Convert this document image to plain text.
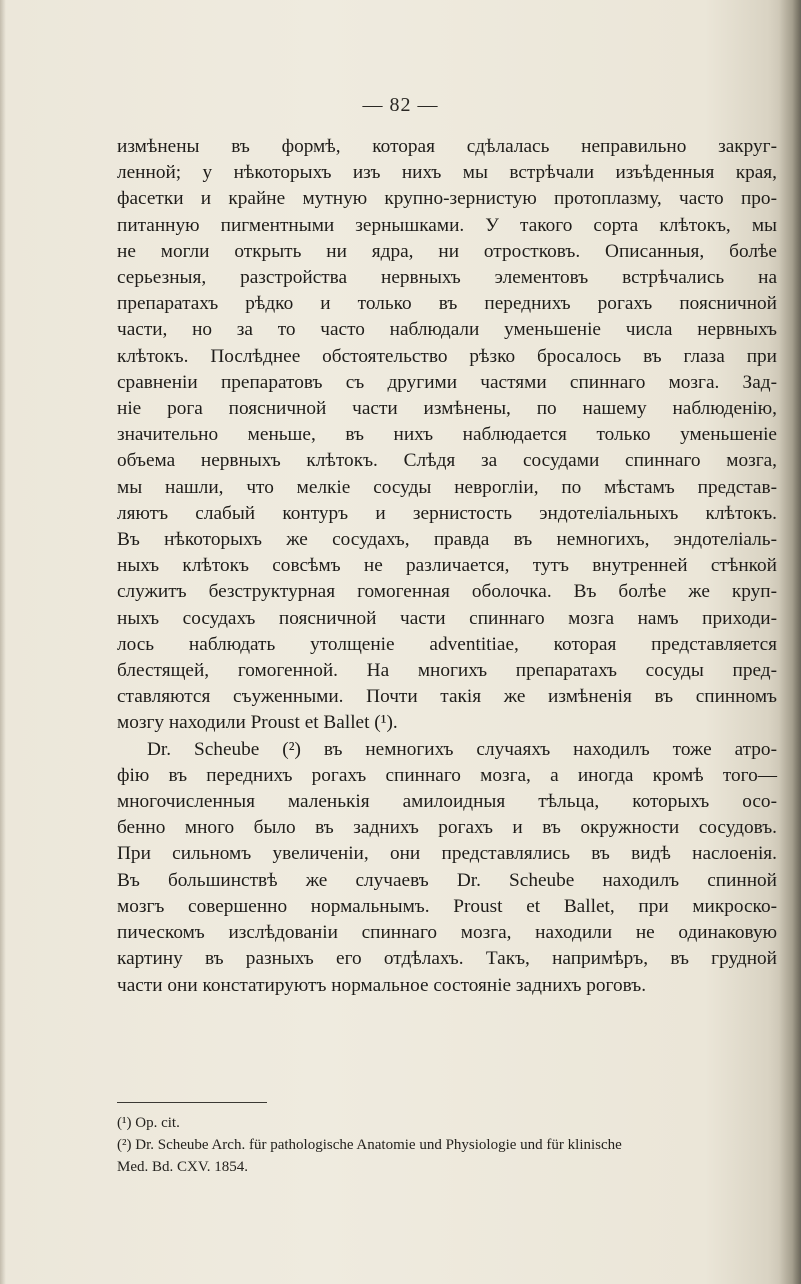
— 82 —
измѣнены въ формѣ, которая сдѣлалась неправильно закруг-
ленной; у нѣкоторыхъ изъ нихъ мы встрѣчали изъѣденныя края,
фасетки и крайне мутную крупно-зернистую протоплазму, часто про-
питанную пигментными зернышками. У такого сорта клѣтокъ, мы
не могли открыть ни ядра, ни отростковъ. Описанныя, болѣе
серьезныя, разстройства нервныхъ элементовъ встрѣчались на
препаратахъ рѣдко и только въ переднихъ рогахъ поясничной
части, но за то часто наблюдали уменьшеніе числа нервныхъ
клѣтокъ. Послѣднее обстоятельство рѣзко бросалось въ глаза при
сравненіи препаратовъ съ другими частями спиннаго мозга. Зад-
ніе рога поясничной части измѣнены, по нашему наблюденію,
значительно меньше, въ нихъ наблюдается только уменьшеніе
объема нервныхъ клѣтокъ. Слѣдя за сосудами спиннаго мозга,
мы нашли, что мелкіе сосуды невроглiи, по мѣстамъ представ-
ляютъ слабый контуръ и зернистость эндотеліальныхъ клѣтокъ.
Въ нѣкоторыхъ же сосудахъ, правда въ немногихъ, эндотеліаль-
ныхъ клѣтокъ совсѣмъ не различается, тутъ внутренней стѣнкой
служитъ безструктурная гомогенная оболочка. Въ болѣе же круп-
ныхъ сосудахъ поясничной части спиннаго мозга намъ приходи-
лось наблюдать утолщеніе adventitiae, которая представляется
блестящей, гомогенной. На многихъ препаратахъ сосуды пред-
ставляются съуженными. Почти такія же измѣненія въ спинномъ
мозгу находили Proust et Ballet (¹).
Dr. Scheube (²) въ немногихъ случаяхъ находилъ тоже атро-
фію въ переднихъ рогахъ спиннаго мозга, а иногда кромѣ того—
многочисленныя маленькія амилоидныя тѣльца, которыхъ осо-
бенно много было въ заднихъ рогахъ и въ окружности сосудовъ.
При сильномъ увеличеніи, они представлялись въ видѣ наслоенія.
Въ большинствѣ же случаевъ Dr. Scheube находилъ спинной
мозгъ совершенно нормальнымъ. Proust et Ballet, при микроско-
пическомъ изслѣдованіи спиннаго мозга, находили не одинаковую
картину въ разныхъ его отдѣлахъ. Такъ, напримѣръ, въ грудной
части они констатируютъ нормальное состояніе заднихъ роговъ.
(¹) Op. cit.
(²) Dr. Scheube Arch. für pathologische Anatomie und Physiologie und für klinische
Med. Bd. CXV. 1854.
